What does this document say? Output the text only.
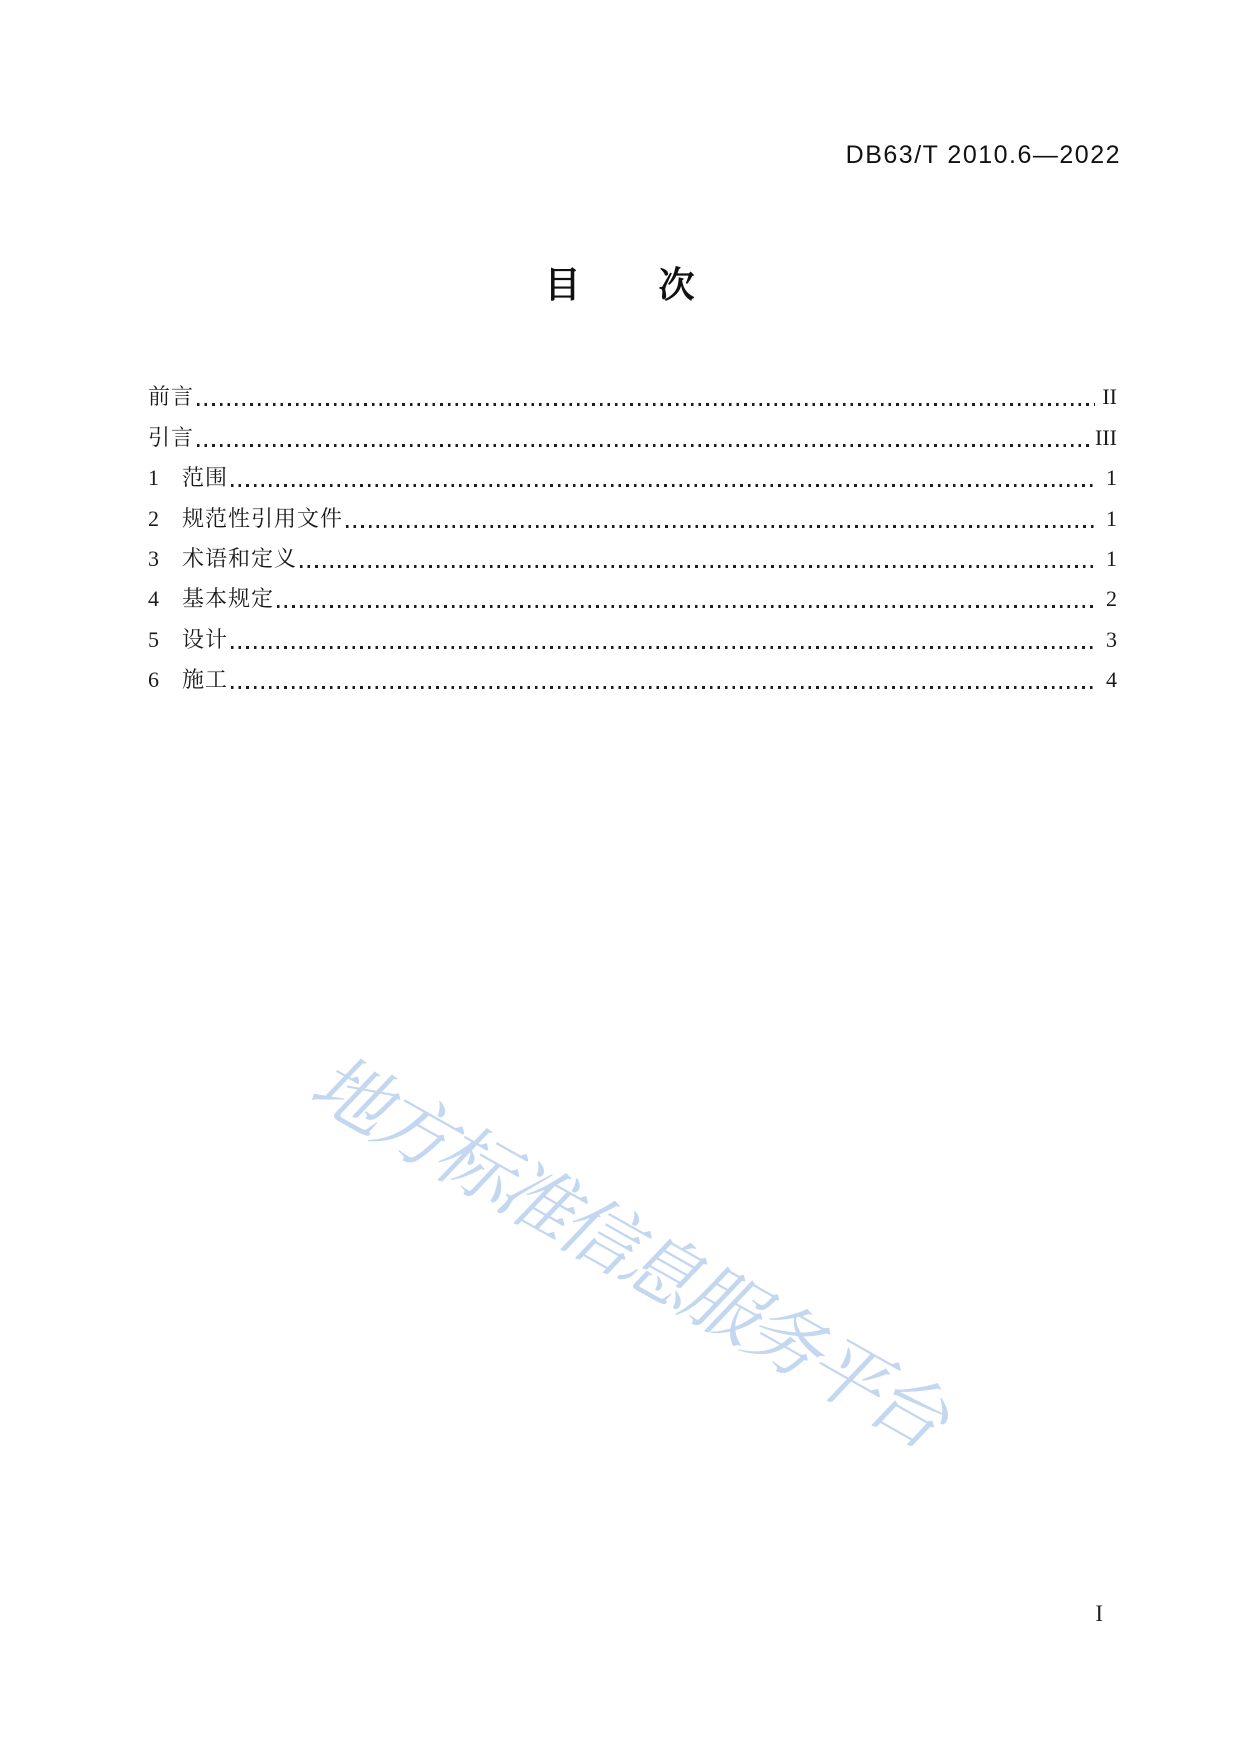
DB63/T 2010.6—2022
目　　次
前言	II
引言	III
1	范围	1
2	规范性引用文件	1
3	术语和定义	1
4	基本规定	2
5	设计	3
6	施工	4
地方标准信息服务平台
I
